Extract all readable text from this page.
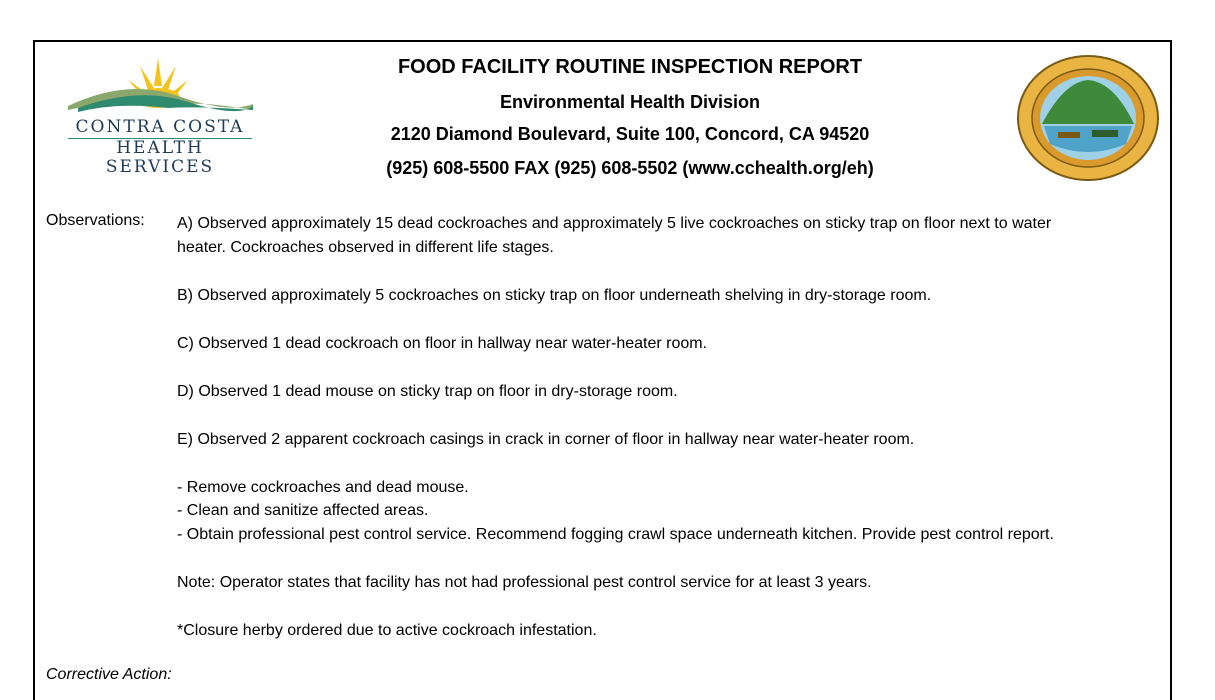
CONTRA COSTA
HEALTH SERVICES
FOOD FACILITY ROUTINE INSPECTION REPORT
Environmental Health Division
2120 Diamond Boulevard, Suite 100, Concord, CA 94520
(925) 608-5500 FAX (925) 608-5502 (www.cchealth.org/eh)
Observations: A) Observed approximately 15 dead cockroaches and approximately 5 live cockroaches on sticky trap on floor next to water heater. Cockroaches observed in different life stages.

B) Observed approximately 5 cockroaches on sticky trap on floor underneath shelving in dry-storage room.

C) Observed 1 dead cockroach on floor in hallway near water-heater room.

D) Observed 1 dead mouse on sticky trap on floor in dry-storage room.

E) Observed 2 apparent cockroach casings in crack in corner of floor in hallway near water-heater room.

- Remove cockroaches and dead mouse.

- Clean and sanitize affected areas.

- Obtain professional pest control service. Recommend fogging crawl space underneath kitchen. Provide pest control report.

Note: Operator states that facility has not had professional pest control service for at least 3 years.

*Closure herby ordered due to active cockroach infestation.

Corrective Action:
